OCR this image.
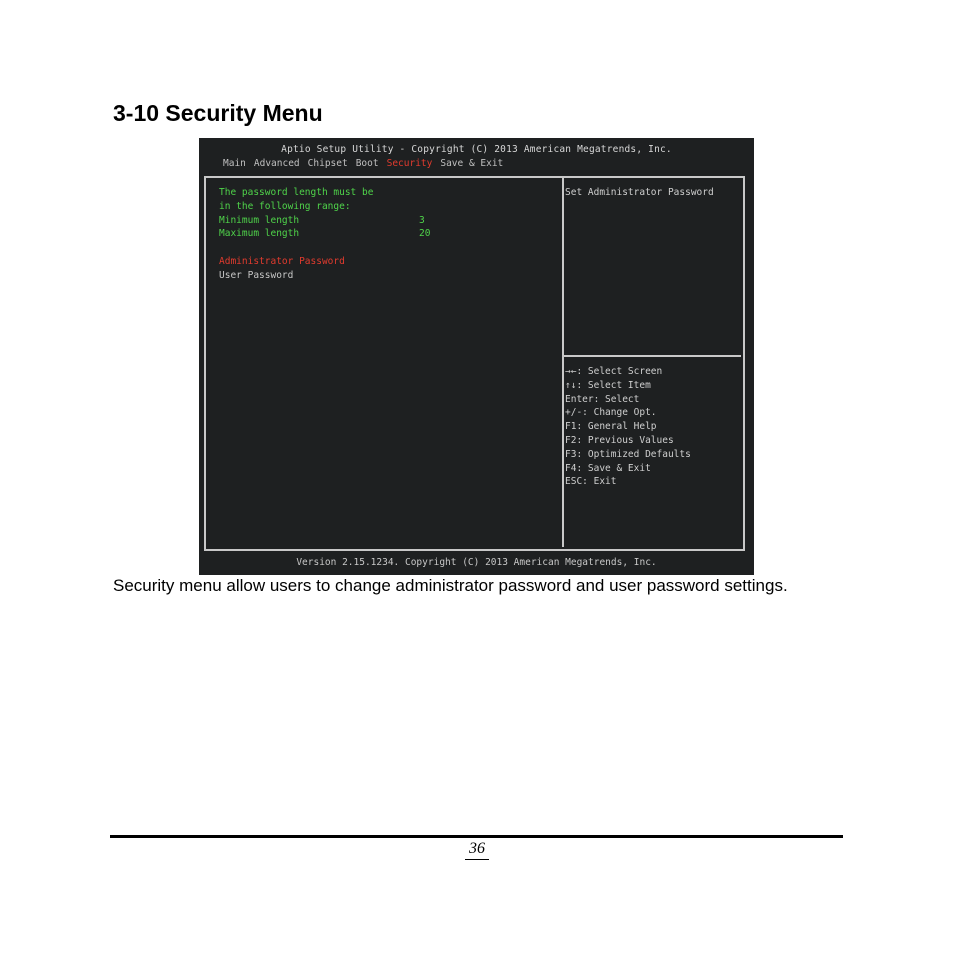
3-10 Security Menu
Aptio Setup Utility - Copyright (C) 2013 American Megatrends, Inc.
Main Advanced Chipset Boot Security Save & Exit
The password length must be
in the following range:
Minimum length	3
Maximum length	20
Administrator Password
User Password
Set Administrator Password
→←: Select Screen
↑↓: Select Item
Enter: Select
+/-: Change Opt.
F1: General Help
F2: Previous Values
F3: Optimized Defaults
F4: Save & Exit
ESC: Exit
Version 2.15.1234. Copyright (C) 2013 American Megatrends, Inc.

Security menu allow users to change administrator password and user password settings.

36
